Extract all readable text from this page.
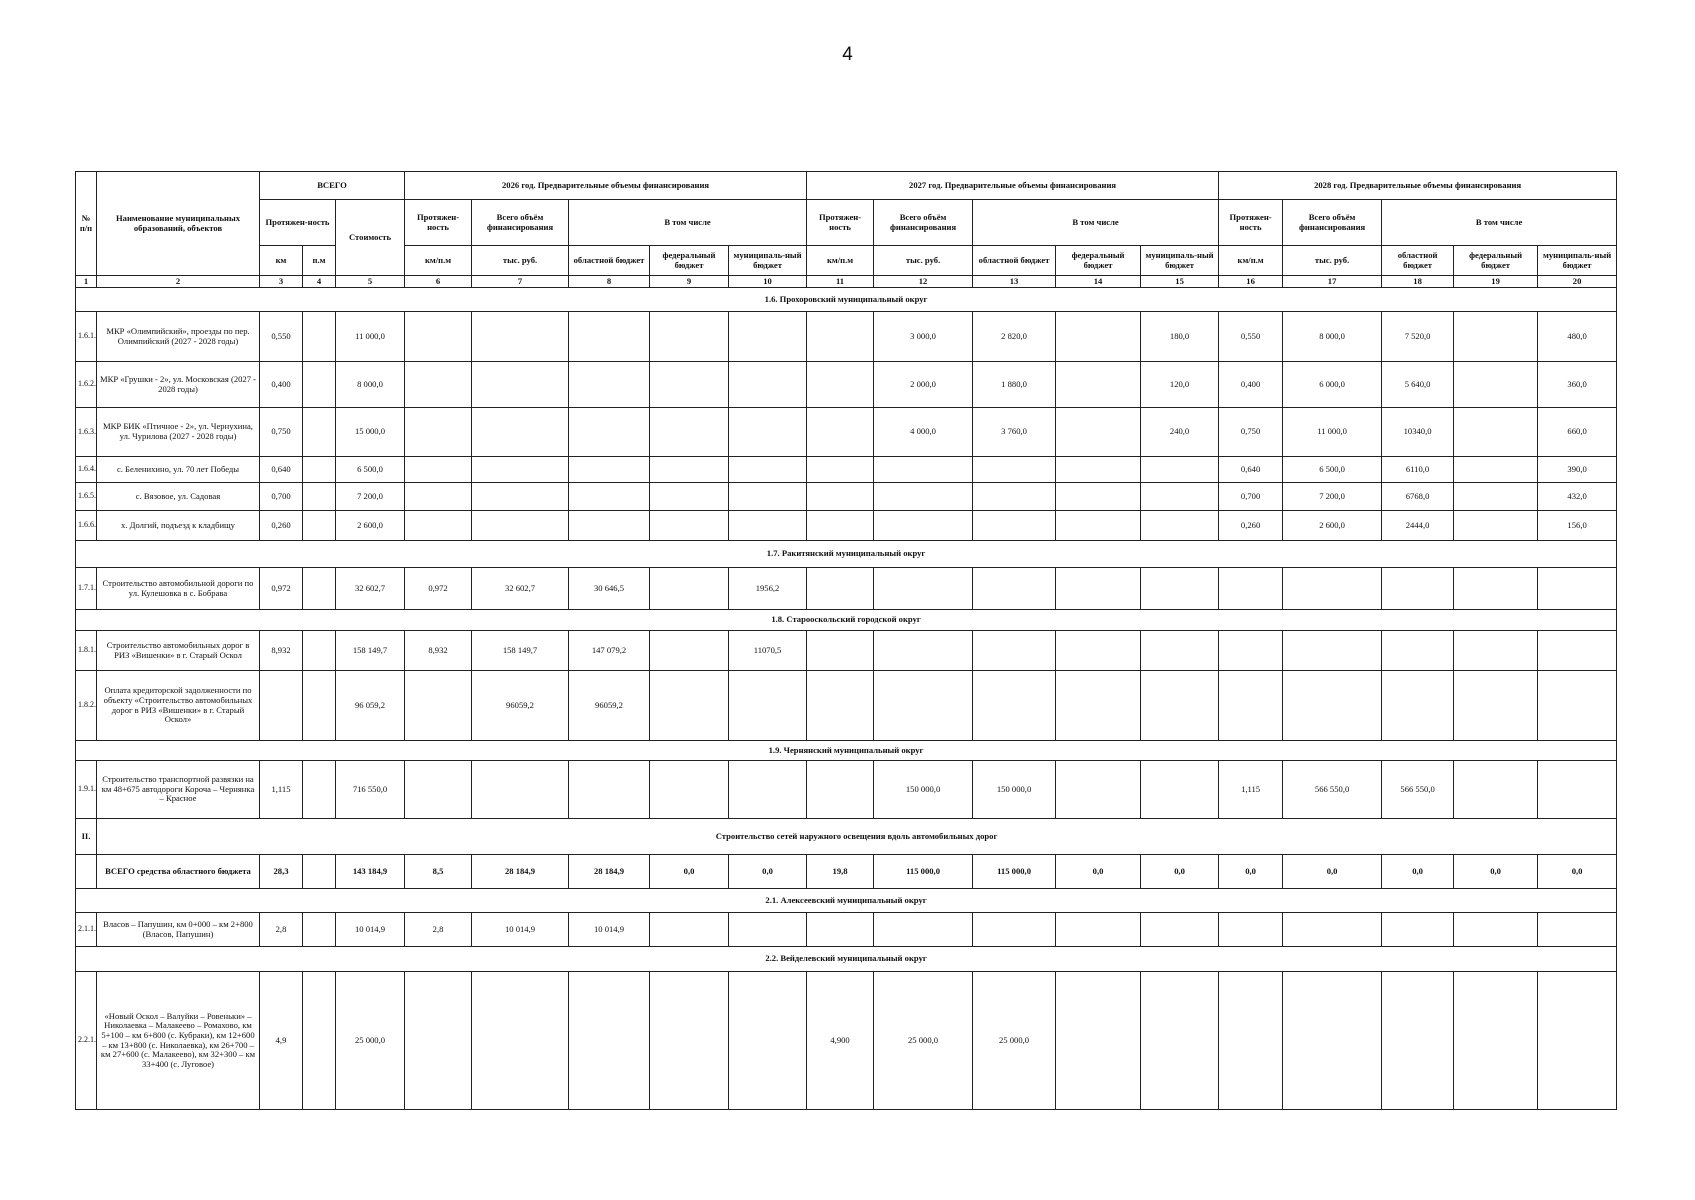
4
№ п/п	Наименование муниципальных образований, объектов	ВСЕГО			2026 год. Предварительные объемы финансирования					2027 год. Предварительные объемы финансирования					2028 год. Предварительные объемы финансирования				
		Протяжен-ность		Стоимость	Протяжен-ность	Всего объём финансирования	В том числе			Протяжен-ность	Всего объём финансирования	В том числе			Протяжен-ность	Всего объём финансирования	В том числе		
		км	п.м		км/п.м	тыс. руб.	областной бюджет	федеральный бюджет	муниципаль-ный бюджет	км/п.м	тыс. руб.	областной бюджет	федеральный бюджет	муниципаль-ный бюджет	км/п.м	тыс. руб.	областной бюджет	федеральный бюджет	муниципаль-ный бюджет
1	2	3	4	5	6	7	8	9	10	11	12	13	14	15	16	17	18	19	20
1.6. Прохоровский муниципальный округ																			
1.6.1.	МКР «Олимпийский», проезды по пер. Олимпийский (2027 - 2028 годы)	0,550		11 000,0							3 000,0	2 820,0		180,0	0,550	8 000,0	7 520,0		480,0
1.6.2.	МКР «Грушки - 2», ул. Московская (2027 - 2028 годы)	0,400		8 000,0							2 000,0	1 880,0		120,0	0,400	6 000,0	5 640,0		360,0
1.6.3.	МКР БИК «Птичное - 2», ул. Чернухина, ул. Чурилова (2027 - 2028 годы)	0,750		15 000,0							4 000,0	3 760,0		240,0	0,750	11 000,0	10340,0		660,0
1.6.4.	с. Беленихино, ул. 70 лет Победы	0,640		6 500,0											0,640	6 500,0	6110,0		390,0
1.6.5.	с. Вязовое, ул. Садовая	0,700		7 200,0											0,700	7 200,0	6768,0		432,0
1.6.6.	х. Долгий, подъезд к кладбищу	0,260		2 600,0											0,260	2 600,0	2444,0		156,0
1.7. Ракитянский муниципальный округ																			
1.7.1.	Строительство автомобильной дороги по ул. Кулешовка в с. Бобрава	0,972		32 602,7	0,972	32 602,7	30 646,5		1956,2										
1.8. Старооскольский городской округ																			
1.8.1.	Строительство автомобильных дорог в РИЗ «Вишенки» в г. Старый Оскол	8,932		158 149,7	8,932	158 149,7	147 079,2		11070,5										
1.8.2.	Оплата кредиторской задолженности по объекту «Строительство автомобильных дорог в РИЗ «Вишенки» в г. Старый Оскол»			96 059,2		96059,2	96059,2												
1.9. Чернянский муниципальный округ																			
1.9.1.	Строительство транспортной развязки на км 48+675 автодороги Короча – Чернянка – Красное	1,115		716 550,0							150 000,0	150 000,0			1,115	566 550,0	566 550,0		
II.	Строительство сетей наружного освещения вдоль автомобильных дорог																		
	ВСЕГО средства областного бюджета	28,3		143 184,9	8,5	28 184,9	28 184,9	0,0	0,0	19,8	115 000,0	115 000,0	0,0	0,0	0,0	0,0	0,0	0,0	0,0
2.1. Алексеевский муниципальный округ																			
2.1.1.	Власов – Папушин, км 0+000 – км 2+800 (Власов, Папушин)	2,8		10 014,9	2,8	10 014,9	10 014,9												
2.2. Вейделевский муниципальный округ																			
2.2.1.	«Новый Оскол – Валуйки – Ровеньки» – Николаевка – Малакеево – Ромахово, км 5+100 – км 6+800 (с. Кубраки), км 12+600 – км 13+800 (с. Николаевка), км 26+700 – км 27+600 (с. Малакеево), км 32+300 – км 33+400 (с. Луговое)	4,9		25 000,0						4,900	25 000,0	25 000,0							
